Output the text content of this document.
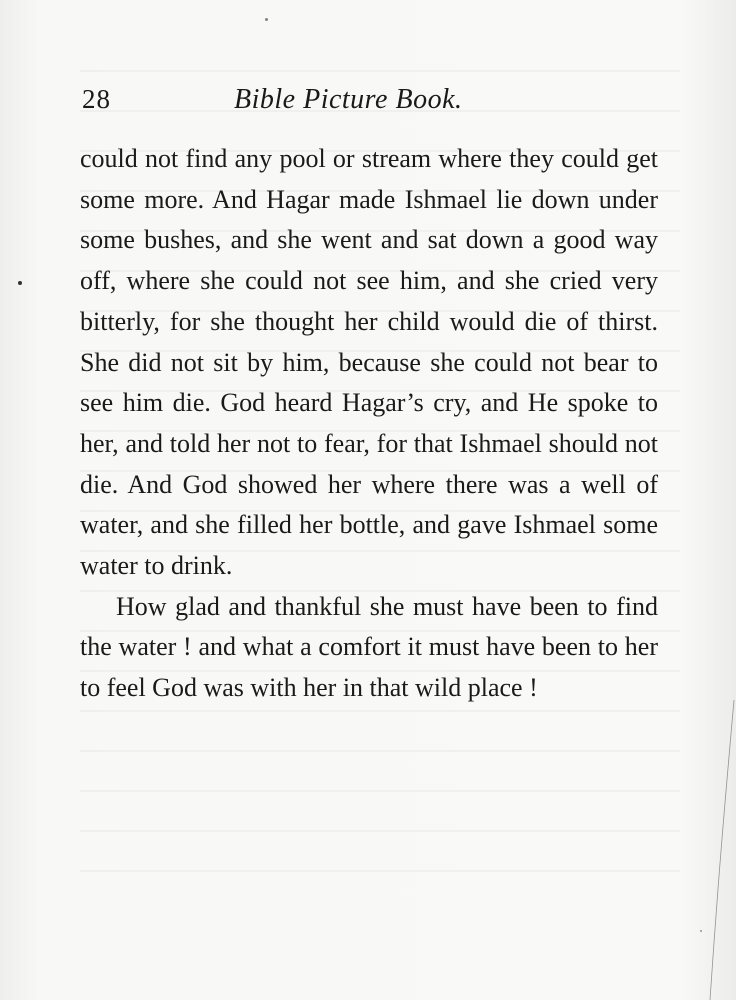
28	Bible Picture Book.

could not find any pool or stream where they could get some more. And Hagar made Ishmael lie down under some bushes, and she went and sat down a good way off, where she could not see him, and she cried very bitterly, for she thought her child would die of thirst. She did not sit by him, because she could not bear to see him die. God heard Hagar’s cry, and He spoke to her, and told her not to fear, for that Ishmael should not die. And God showed her where there was a well of water, and she filled her bottle, and gave Ishmael some water to drink.

How glad and thankful she must have been to find the water ! and what a comfort it must have been to her to feel God was with her in that wild place !
